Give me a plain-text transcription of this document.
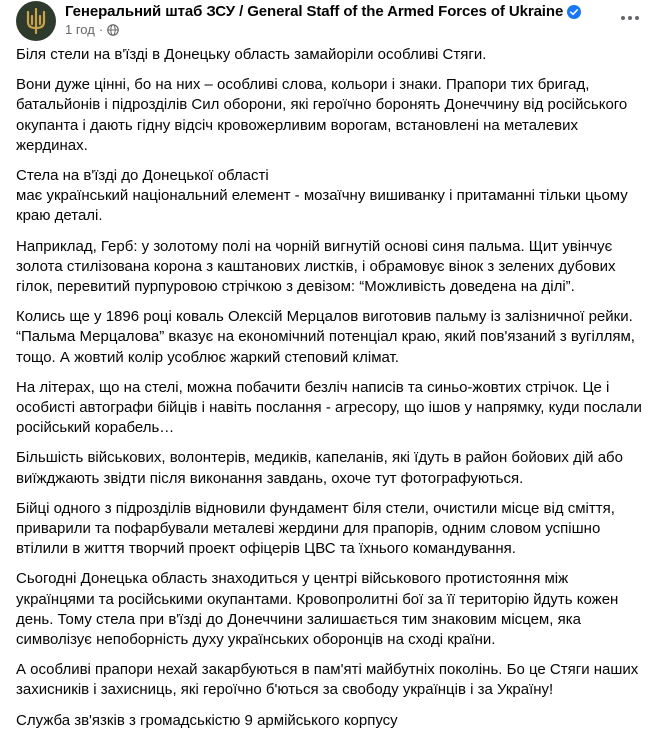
Генеральний штаб ЗСУ / General Staff of the Armed Forces of Ukraine
1 год ·

Біля стели на в'їзді в Донецьку область замайоріли особливі Стяги.

Вони дуже цінні, бо на них – особливі слова, кольори і знаки. Прапори тих бригад, батальйонів і підрозділів Сил оборони, які героїчно боронять Донеччину від російського окупанта і дають гідну відсіч кровожерливим ворогам, встановлені на металевих жердинах.

Стела на в'їзді до Донецької області
має український національний елемент - мозаїчну вишиванку і притаманні тільки цьому краю деталі.

Наприклад, Герб: у золотому полі на чорній вигнутій основі синя пальма. Щит увінчує золота стилізована корона з каштанових листків, і обрамовує вінок з зелених дубових гілок, перевитий пурпуровою стрічкою з девізом: “Можливість доведена на ділі”.

Колись ще у 1896 році коваль Олексій Мерцалов виготовив пальму із залізничної рейки. “Пальма Мерцалова” вказує на економічний потенціал краю, який пов'язаний з вугіллям, тощо. А жовтий колір усоблює жаркий степовий клімат.

На літерах, що на стелі, можна побачити безліч написів та синьо-жовтих стрічок. Це і особисті автографи бійців і навіть послання - агресору, що ішов у напрямку, куди послали російський корабель…

Більшість військових, волонтерів, медиків, капеланів, які їдуть в район бойових дій або виїжджають звідти після виконання завдань, охоче тут фотографуються.

Бійці одного з підрозділів відновили фундамент біля стели, очистили місце від сміття, приварили та пофарбували металеві жердини для прапорів, одним словом успішно втілили в життя творчий проект офіцерів ЦВС та їхнього командування.

Сьогодні Донецька область знаходиться у центрі військового протистояння між українцями та російськими окупантами. Кровопролитні бої за її територію йдуть кожен день. Тому стела при в'їзді до Донеччини залишається тим знаковим місцем, яка символізує непоборність духу українських оборонців на сході країни.

А особливі прапори нехай закарбуються в пам'яті майбутніх поколінь. Бо це Стяги наших захисників і захисниць, які героїчно б'ються за свободу українців і за Україну!

Служба зв'язків з громадськістю 9 армійського корпусу
